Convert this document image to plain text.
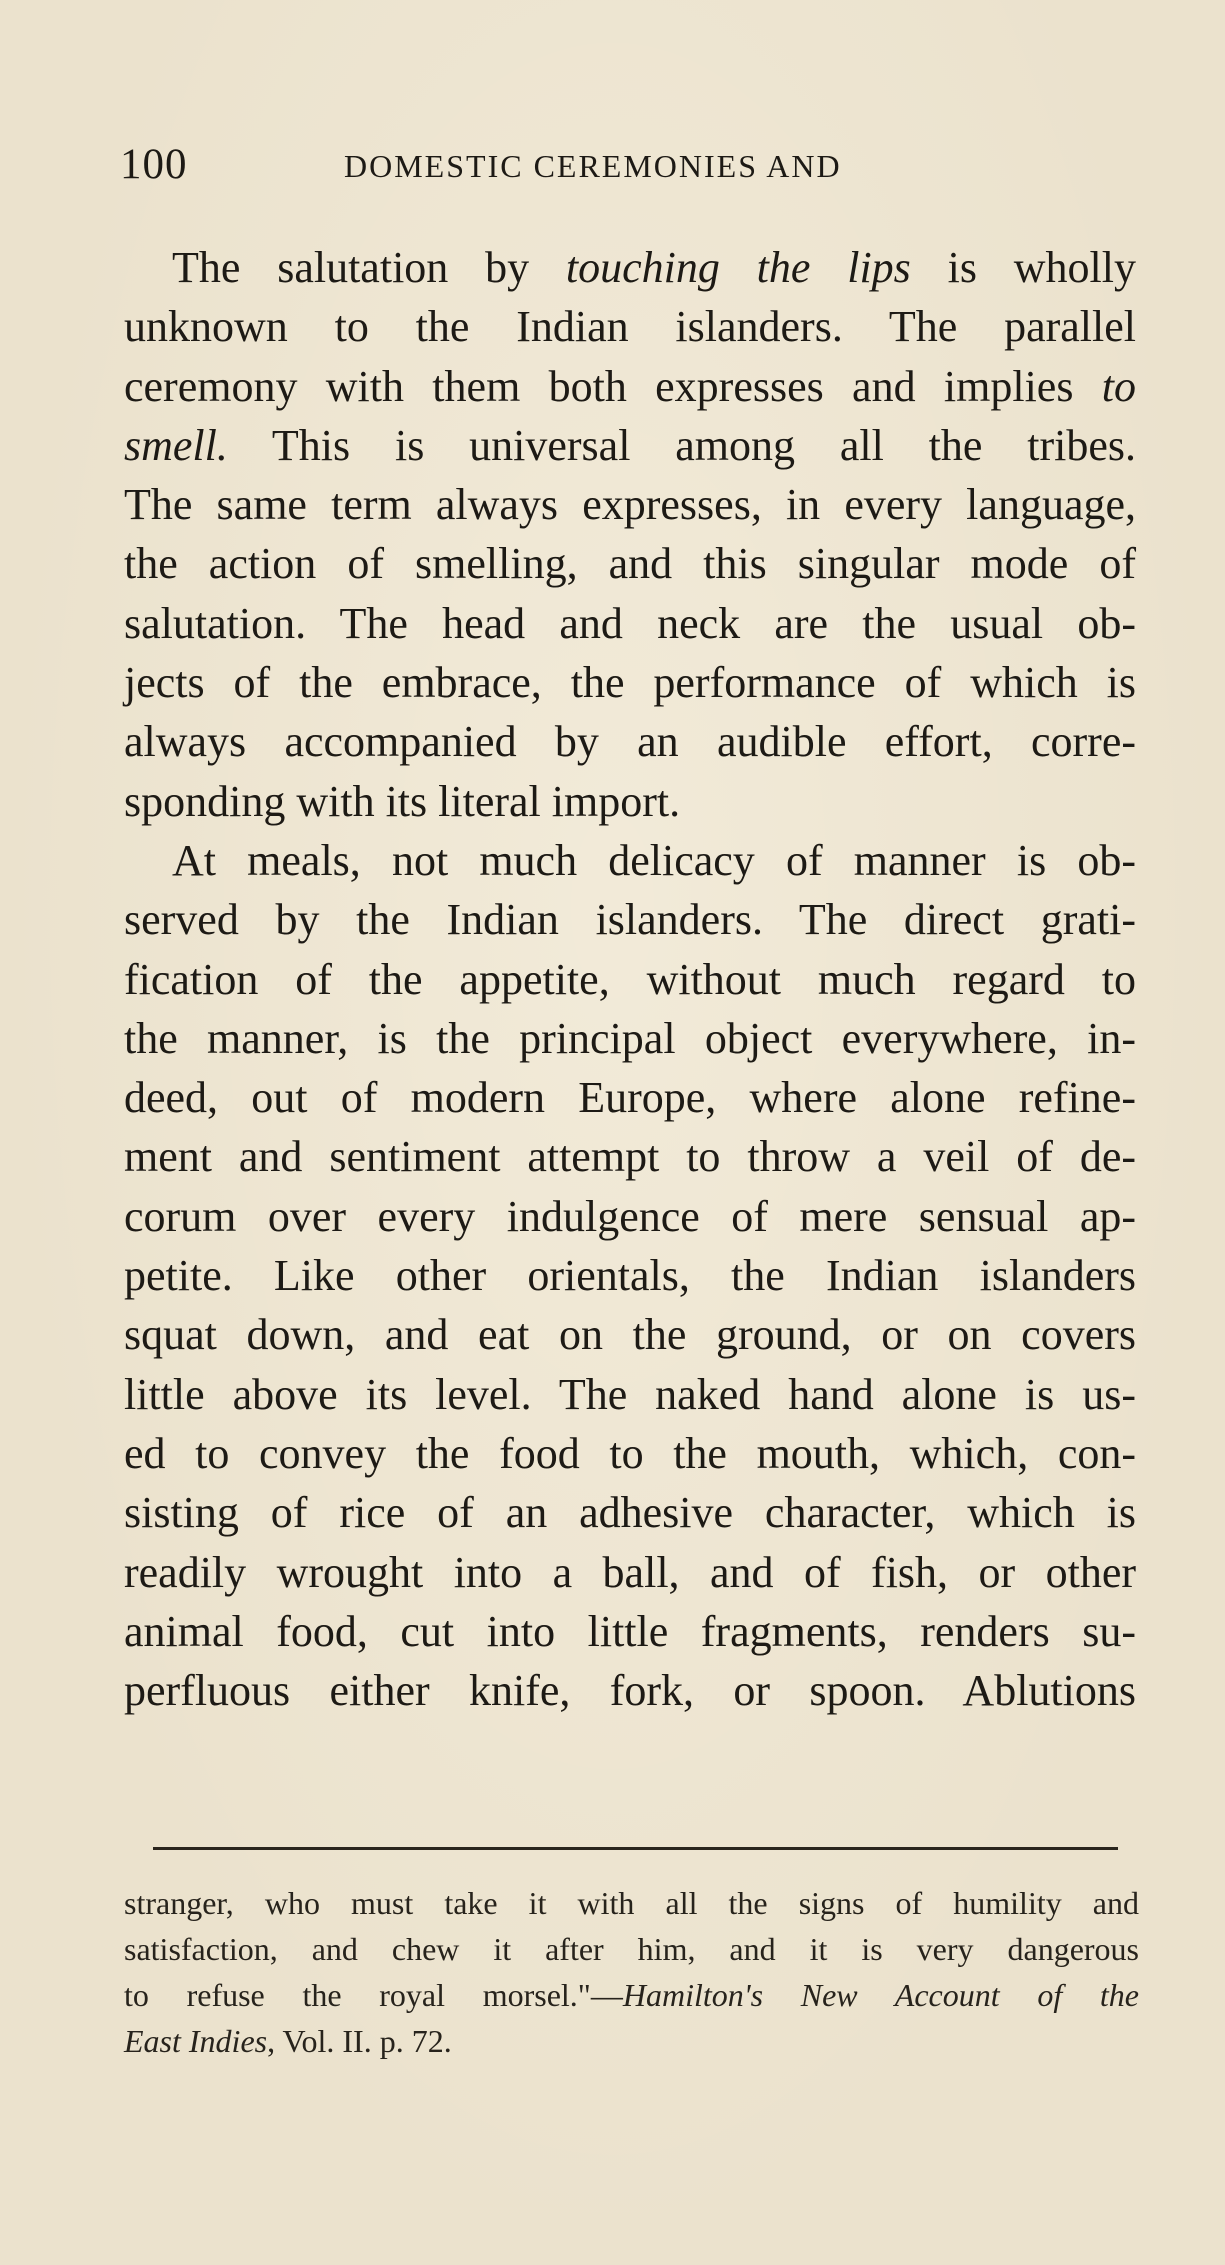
100	DOMESTIC CEREMONIES AND
The salutation by touching the lips is wholly
unknown to the Indian islanders. The parallel
ceremony with them both expresses and implies to
smell. This is universal among all the tribes.
The same term always expresses, in every language,
the action of smelling, and this singular mode of
salutation. The head and neck are the usual ob-
jects of the embrace, the performance of which is
always accompanied by an audible effort, corre-
sponding with its literal import.
At meals, not much delicacy of manner is ob-
served by the Indian islanders. The direct grati-
fication of the appetite, without much regard to
the manner, is the principal object everywhere, in-
deed, out of modern Europe, where alone refine-
ment and sentiment attempt to throw a veil of de-
corum over every indulgence of mere sensual ap-
petite. Like other orientals, the Indian islanders
squat down, and eat on the ground, or on covers
little above its level. The naked hand alone is us-
ed to convey the food to the mouth, which, con-
sisting of rice of an adhesive character, which is
readily wrought into a ball, and of fish, or other
animal food, cut into little fragments, renders su-
perfluous either knife, fork, or spoon. Ablutions
stranger, who must take it with all the signs of humility and
satisfaction, and chew it after him, and it is very dangerous
to refuse the royal morsel."—Hamilton's New Account of the
East Indies, Vol. II. p. 72.
